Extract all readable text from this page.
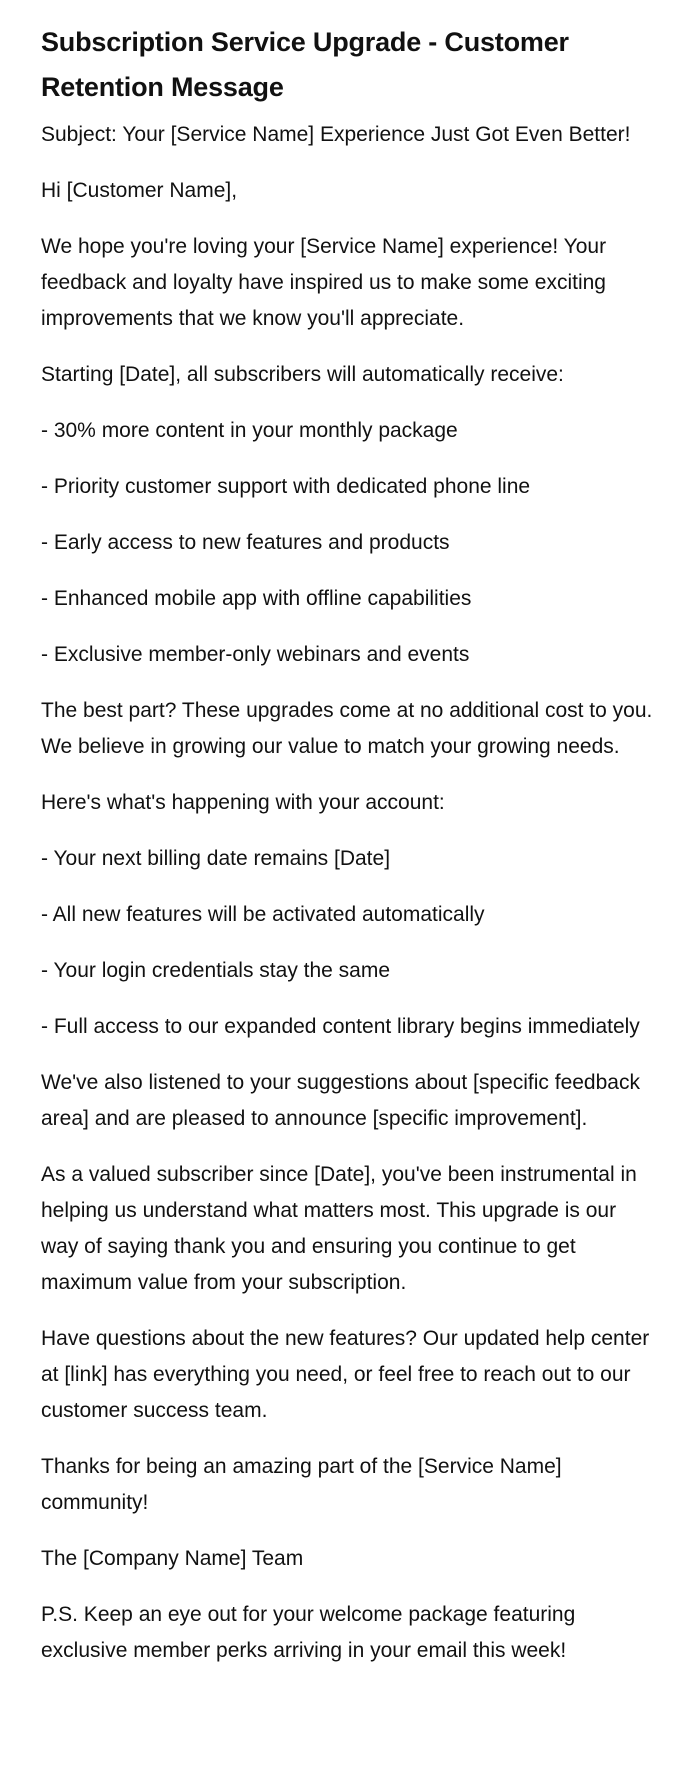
Subscription Service Upgrade - Customer Retention Message

Subject: Your [Service Name] Experience Just Got Even Better!

Hi [Customer Name],

We hope you're loving your [Service Name] experience! Your feedback and loyalty have inspired us to make some exciting improvements that we know you'll appreciate.

Starting [Date], all subscribers will automatically receive:

- 30% more content in your monthly package

- Priority customer support with dedicated phone line

- Early access to new features and products

- Enhanced mobile app with offline capabilities

- Exclusive member-only webinars and events

The best part? These upgrades come at no additional cost to you. We believe in growing our value to match your growing needs.

Here's what's happening with your account:

- Your next billing date remains [Date]

- All new features will be activated automatically

- Your login credentials stay the same

- Full access to our expanded content library begins immediately

We've also listened to your suggestions about [specific feedback area] and are pleased to announce [specific improvement].

As a valued subscriber since [Date], you've been instrumental in helping us understand what matters most. This upgrade is our way of saying thank you and ensuring you continue to get maximum value from your subscription.

Have questions about the new features? Our updated help center at [link] has everything you need, or feel free to reach out to our customer success team.

Thanks for being an amazing part of the [Service Name] community!

The [Company Name] Team

P.S. Keep an eye out for your welcome package featuring exclusive member perks arriving in your email this week!
